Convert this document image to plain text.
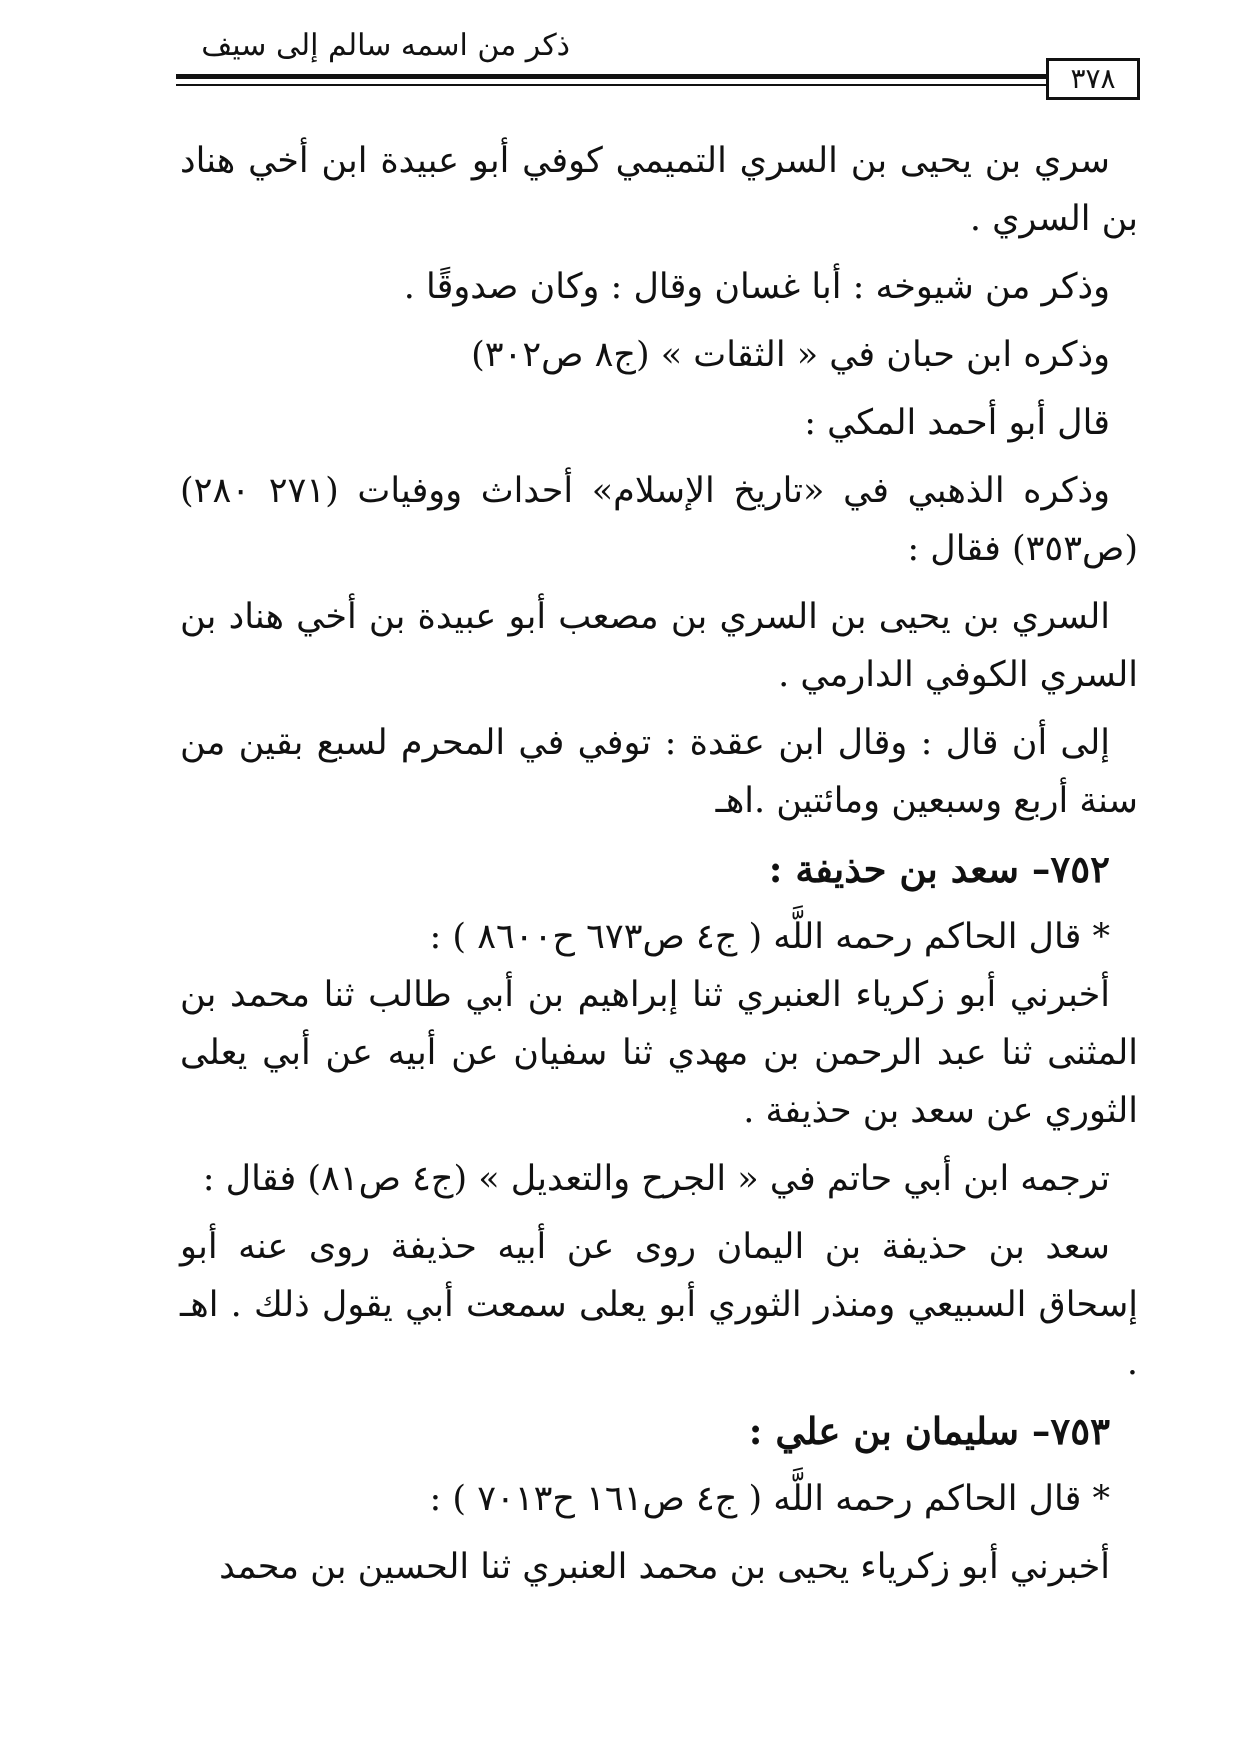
ذكر من اسمه سالم إلى سيف
٣٧٨

سري بن يحيى بن السري التميمي كوفي أبو عبيدة ابن أخي هناد بن السري .

وذكر من شيوخه : أبا غسان وقال : وكان صدوقًا .

وذكره ابن حبان في « الثقات » (ج٨ ص٣٠٢)

قال أبو أحمد المكي :

وذكره الذهبي في «تاريخ الإسلام» أحداث ووفيات (٢٧١ ٢٨٠) (ص٣٥٣) فقال :

السري بن يحيى بن السري بن مصعب أبو عبيدة بن أخي هناد بن السري الكوفي الدارمي .

إلى أن قال : وقال ابن عقدة : توفي في المحرم لسبع بقين من سنة أربع وسبعين ومائتين .اهـ

٧٥٢– سعد بن حذيفة :

* قال الحاكم رحمه اللَّه ( ج٤ ص٦٧٣ ح٨٦٠٠ ) :

أخبرني أبو زكرياء العنبري ثنا إبراهيم بن أبي طالب ثنا محمد بن المثنى ثنا عبد الرحمن بن مهدي ثنا سفيان عن أبيه عن أبي يعلى الثوري عن سعد بن حذيفة .

ترجمه ابن أبي حاتم في « الجرح والتعديل » (ج٤ ص٨١) فقال :

سعد بن حذيفة بن اليمان روى عن أبيه حذيفة روى عنه أبو إسحاق السبيعي ومنذر الثوري أبو يعلى سمعت أبي يقول ذلك . اهـ .

٧٥٣– سليمان بن علي :

* قال الحاكم رحمه اللَّه ( ج٤ ص١٦١ ح٧٠١٣ ) :

أخبرني أبو زكرياء يحيى بن محمد العنبري ثنا الحسين بن محمد
